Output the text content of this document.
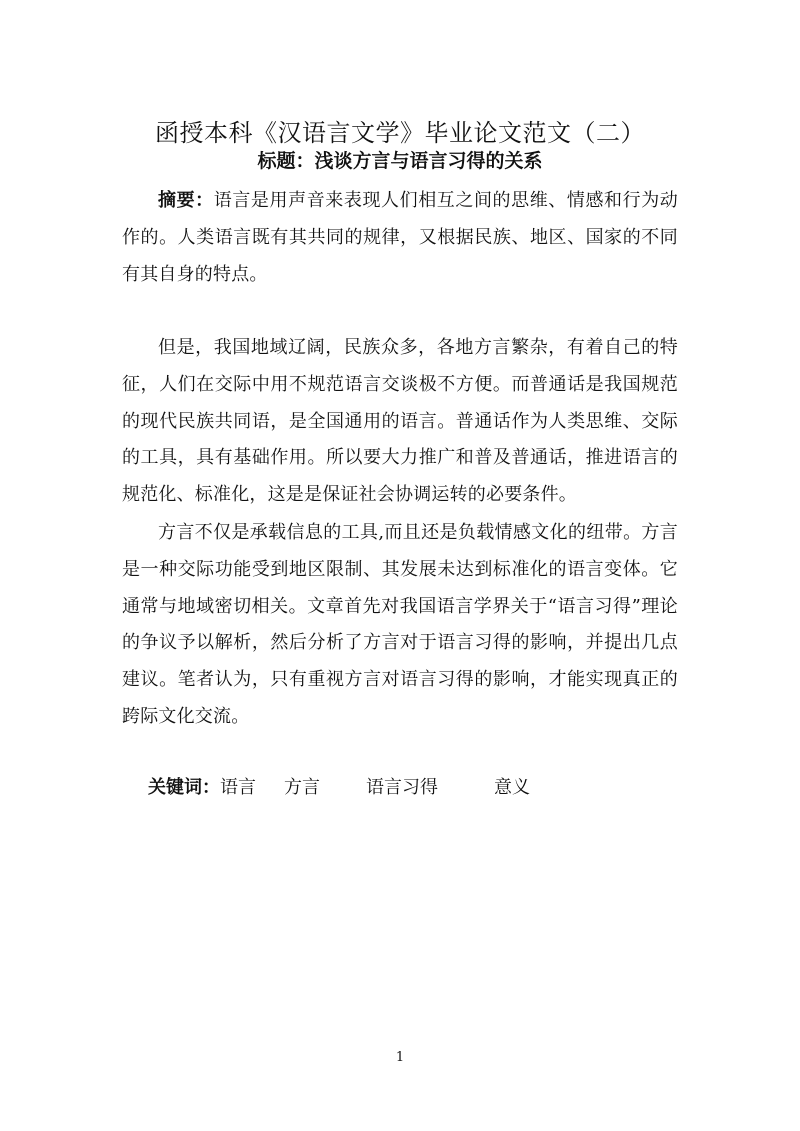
函授本科《汉语言文学》毕业论文范文（二）
标题：浅谈方言与语言习得的关系

摘要：语言是用声音来表现人们相互之间的思维、情感和行为动作的。人类语言既有其共同的规律，又根据民族、地区、国家的不同有其自身的特点。

但是，我国地域辽阔，民族众多，各地方言繁杂，有着自己的特征，人们在交际中用不规范语言交谈极不方便。而普通话是我国规范的现代民族共同语，是全国通用的语言。普通话作为人类思维、交际的工具，具有基础作用。所以要大力推广和普及普通话，推进语言的规范化、标准化，这是是保证社会协调运转的必要条件。

方言不仅是承载信息的工具,而且还是负载情感文化的纽带。方言是一种交际功能受到地区限制、其发展未达到标准化的语言变体。它通常与地域密切相关。文章首先对我国语言学界关于“语言习得”理论的争议予以解析，然后分析了方言对于语言习得的影响，并提出几点建议。笔者认为，只有重视方言对语言习得的影响，才能实现真正的跨际文化交流。

关键词：语言 方言	语言习得	意义
1
